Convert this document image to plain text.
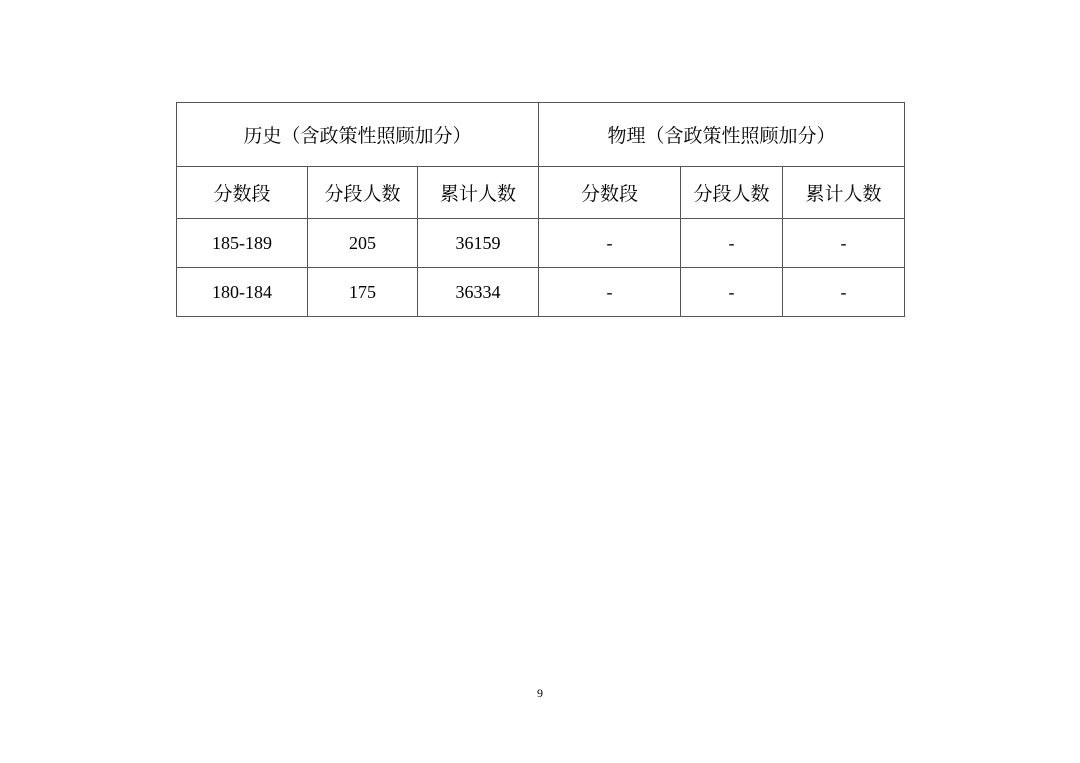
历史（含政策性照顾加分）			物理（含政策性照顾加分）		
分数段	分段人数	累计人数	分数段	分段人数	累计人数
185-189	205	36159	-	-	-
180-184	175	36334	-	-	-
9
